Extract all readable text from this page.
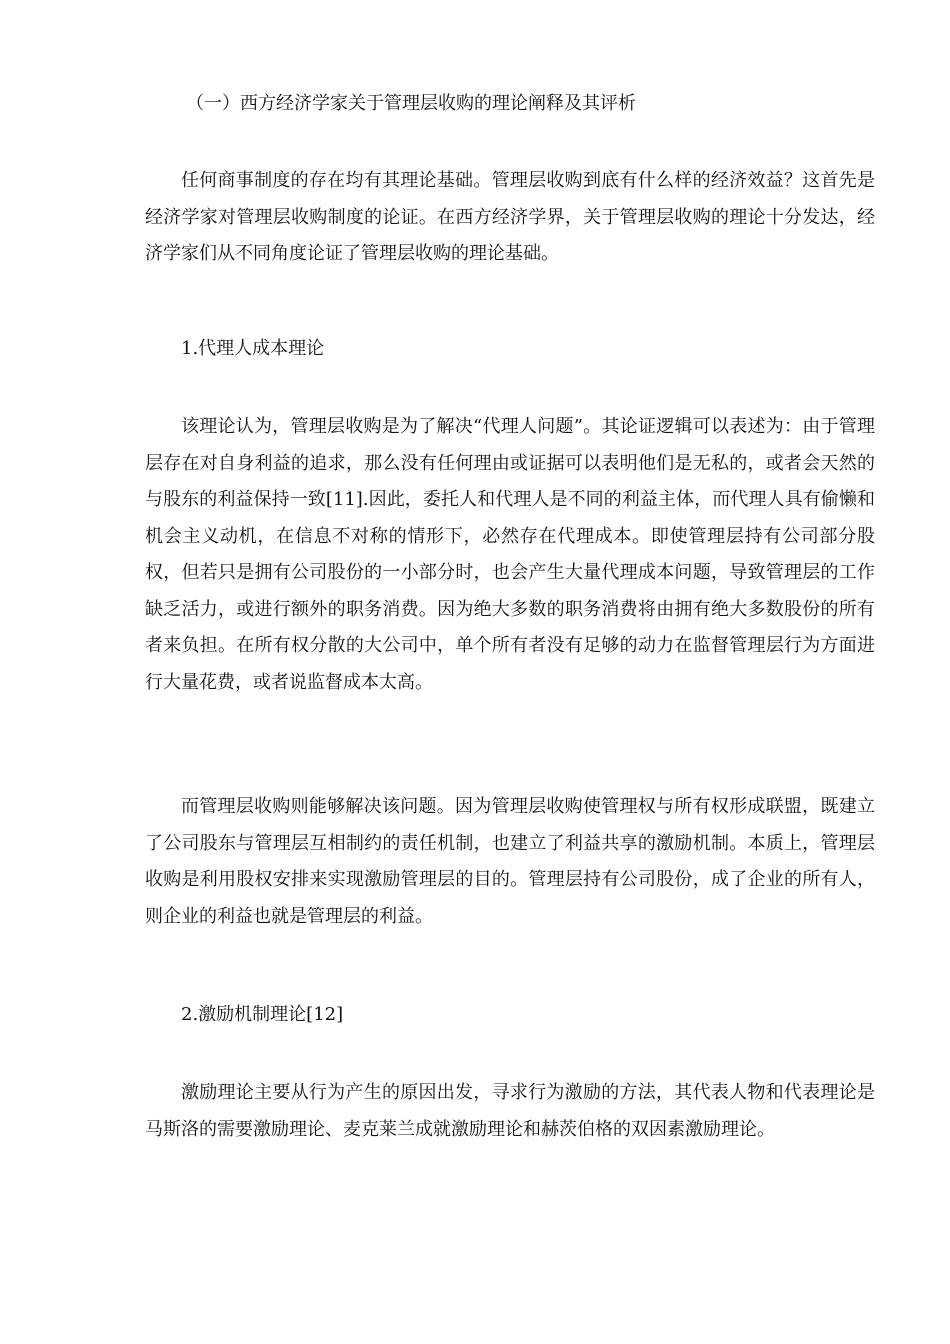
（一）西方经济学家关于管理层收购的理论阐释及其评析

任何商事制度的存在均有其理论基础。管理层收购到底有什么样的经济效益？这首先是经济学家对管理层收购制度的论证。在西方经济学界，关于管理层收购的理论十分发达，经济学家们从不同角度论证了管理层收购的理论基础。

1.代理人成本理论

该理论认为，管理层收购是为了解决“代理人问题”。其论证逻辑可以表述为：由于管理层存在对自身利益的追求，那么没有任何理由或证据可以表明他们是无私的，或者会天然的与股东的利益保持一致[11].因此，委托人和代理人是不同的利益主体，而代理人具有偷懒和机会主义动机，在信息不对称的情形下，必然存在代理成本。即使管理层持有公司部分股权，但若只是拥有公司股份的一小部分时，也会产生大量代理成本问题，导致管理层的工作缺乏活力，或进行额外的职务消费。因为绝大多数的职务消费将由拥有绝大多数股份的所有者来负担。在所有权分散的大公司中，单个所有者没有足够的动力在监督管理层行为方面进行大量花费，或者说监督成本太高。

而管理层收购则能够解决该问题。因为管理层收购使管理权与所有权形成联盟，既建立了公司股东与管理层互相制约的责任机制，也建立了利益共享的激励机制。本质上，管理层收购是利用股权安排来实现激励管理层的目的。管理层持有公司股份，成了企业的所有人，则企业的利益也就是管理层的利益。

2.激励机制理论[12]

激励理论主要从行为产生的原因出发，寻求行为激励的方法，其代表人物和代表理论是马斯洛的需要激励理论、麦克莱兰成就激励理论和赫茨伯格的双因素激励理论。
